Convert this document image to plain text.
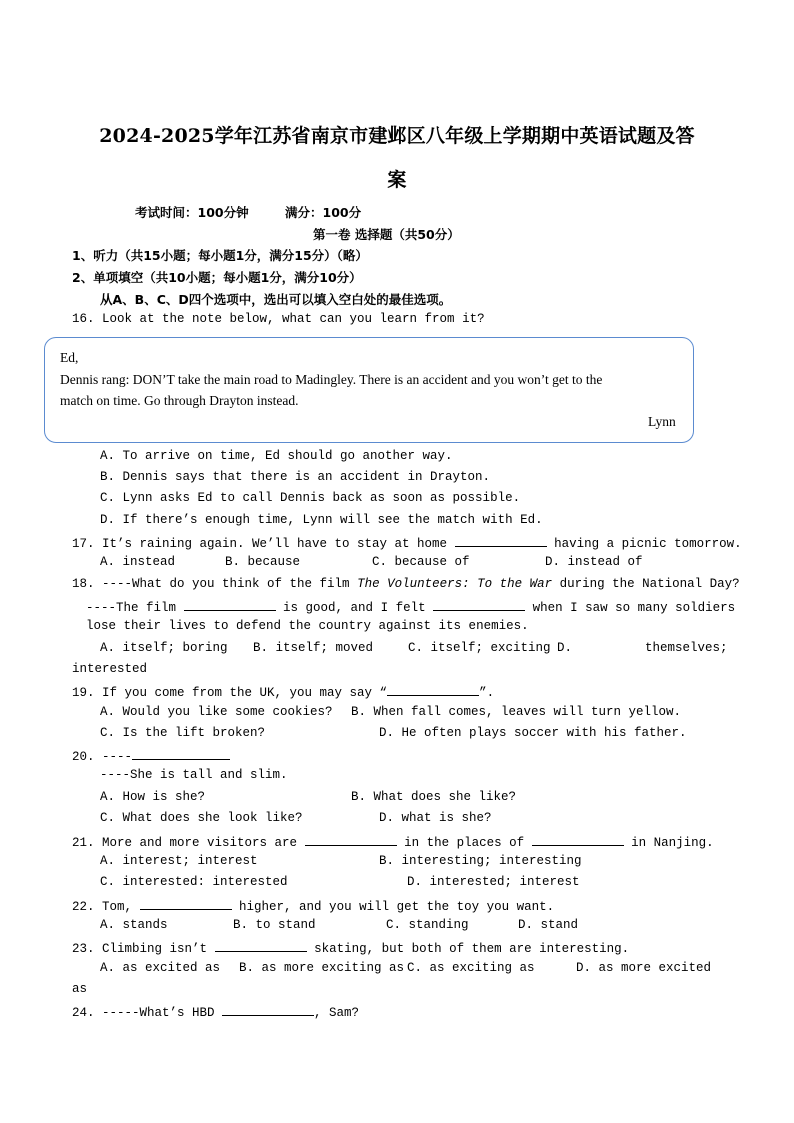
2024-2025学年江苏省南京市建邺区八年级上学期期中英语试题及答
案
考试时间：100分钟	满分：100分
第一卷 选择题（共50分）
1、听力（共15小题；每小题1分，满分15分）（略）
2、单项填空（共10小题；每小题1分，满分10分）
从A、B、C、D四个选项中，选出可以填入空白处的最佳选项。
16. Look at the note below, what can you learn from it?
Ed,
Dennis rang: DON’T take the main road to Madingley. There is an accident and you won’t get to the
match on time. Go through Drayton instead.
Lynn
A. To arrive on time, Ed should go another way.
B. Dennis says that there is an accident in Drayton.
C. Lynn asks Ed to call Dennis back as soon as possible.
D. If there’s enough time, Lynn will see the match with Ed.
17. It’s raining again. We’ll have to stay at home	having a picnic tomorrow.
A. instead	B. because	C. because of	D. instead of
18. ----What do you think of the film The Volunteers: To the War during the National Day?
----The film	is good, and I felt	when I saw so many soldiers
lose their lives to defend the country against its enemies.
A. itself; boring B. itself; moved	C. itself; exciting D.	themselves;
interested
19. If you come from the UK, you may say “	”.
A. Would you like some cookies? B. When fall comes, leaves will turn yellow.
C. Is the lift broken?	D. He often plays soccer with his father.
20. ----
----She is tall and slim.
A. How is she?	B. What does she like?
C. What does she look like?	D. what is she?
21. More and more visitors are	in the places of	in Nanjing.
A. interest; interest	B. interesting; interesting
C. interested: interested	D. interested; interest
22. Tom,	higher, and you will get the toy you want.
A. stands	B. to stand	C. standing	D. stand
23. Climbing isn’t	skating, but both of them are interesting.
A. as excited as B. as more exciting as C. as exciting as	D. as more excited
as
24. -----What’s HBD	, Sam?
